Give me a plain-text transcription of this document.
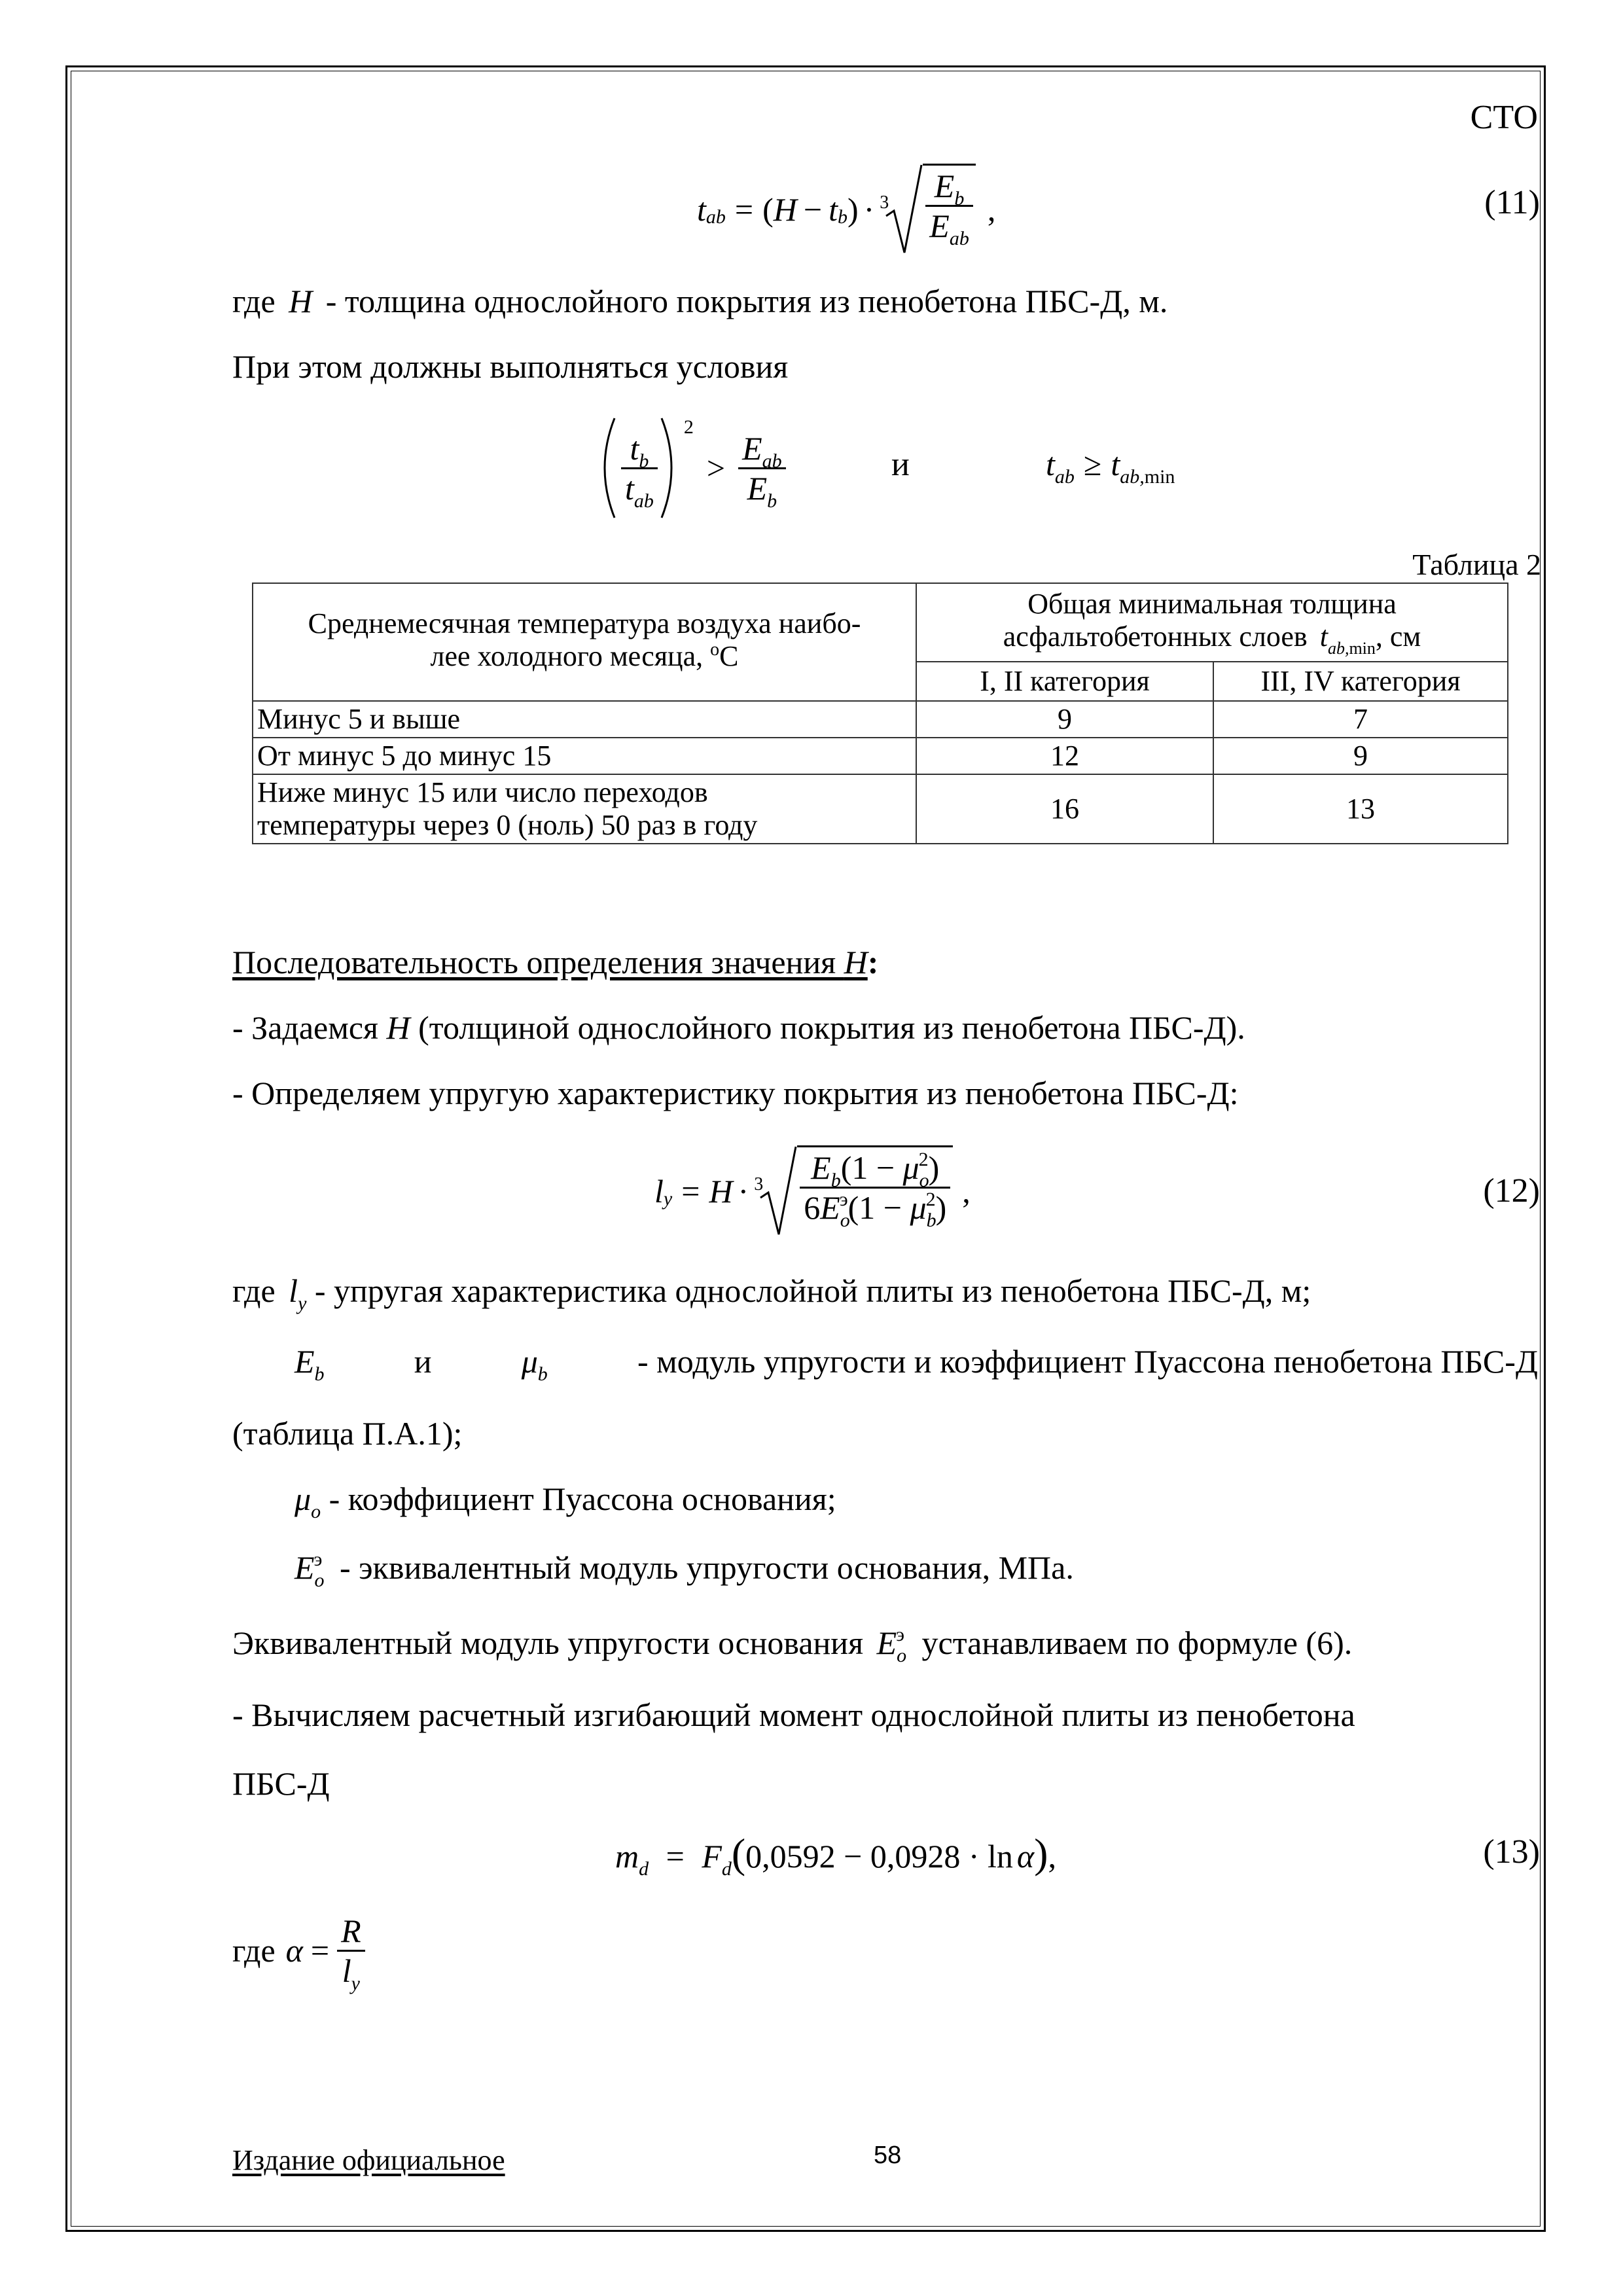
СТО
t ab = ( H − t b ) · $3 \frac{E_b}{E_{ab}}$ ,	(11)
где H - толщина однослойного покрытия из пенобетона ПБС-Д, м.
При этом должны выполняться условия
$\frac{t_b}{t_{ab}}$
2
> $\frac{E_{ab}}{E_b}$	и	$t_{ab} \ge t_{ab,min}$
Таблица 2
Среднемесячная температура воздуха наибо-
лее холодного месяца, $^o$С	Общая минимальная толщина
асфальтобетонных слоев $t_{ab,min}$, см	
	I, II категория	III, IV категория
Минус 5 и выше	9	7
От минус 5 до минус 15	12	9
Ниже минус 15 или число переходов
температуры через 0 (ноль) 50 раз в году	16	13
Последовательность определения значения H:
- Задаемся H (толщиной однослойного покрытия из пенобетона ПБС-Д).
- Определяем упругую характеристику покрытия из пенобетона ПБС-Д:
l $y = H \cdot 3 \frac{E_b(1 - \mu_o^2)}{6E_o^э(1 - \mu_b^2)}$ ,	(12)
где $l_y$ - упругая характеристика однослойной плиты из пенобетона ПБС-Д, м;
$E_b$	и	$\mu_b$	- модуль упругости и коэффициент Пуассона пенобетона ПБС-Д
(таблица П.А.1);
$\mu_o$ - коэффициент Пуассона основания;
$E_o^э$ - эквивалентный модуль упругости основания, МПа.
Эквивалентный модуль упругости основания $E_o^э$ устанавливаем по формуле (6).
- Вычисляем расчетный изгибающий момент однослойной плиты из пенобетона
ПБС-Д
$m_d = F_d(0,0592 - 0,0928 \cdot \ln \alpha)$,	(13)
где $\alpha = \frac{R}{l_y}$
Издание официальное	58
